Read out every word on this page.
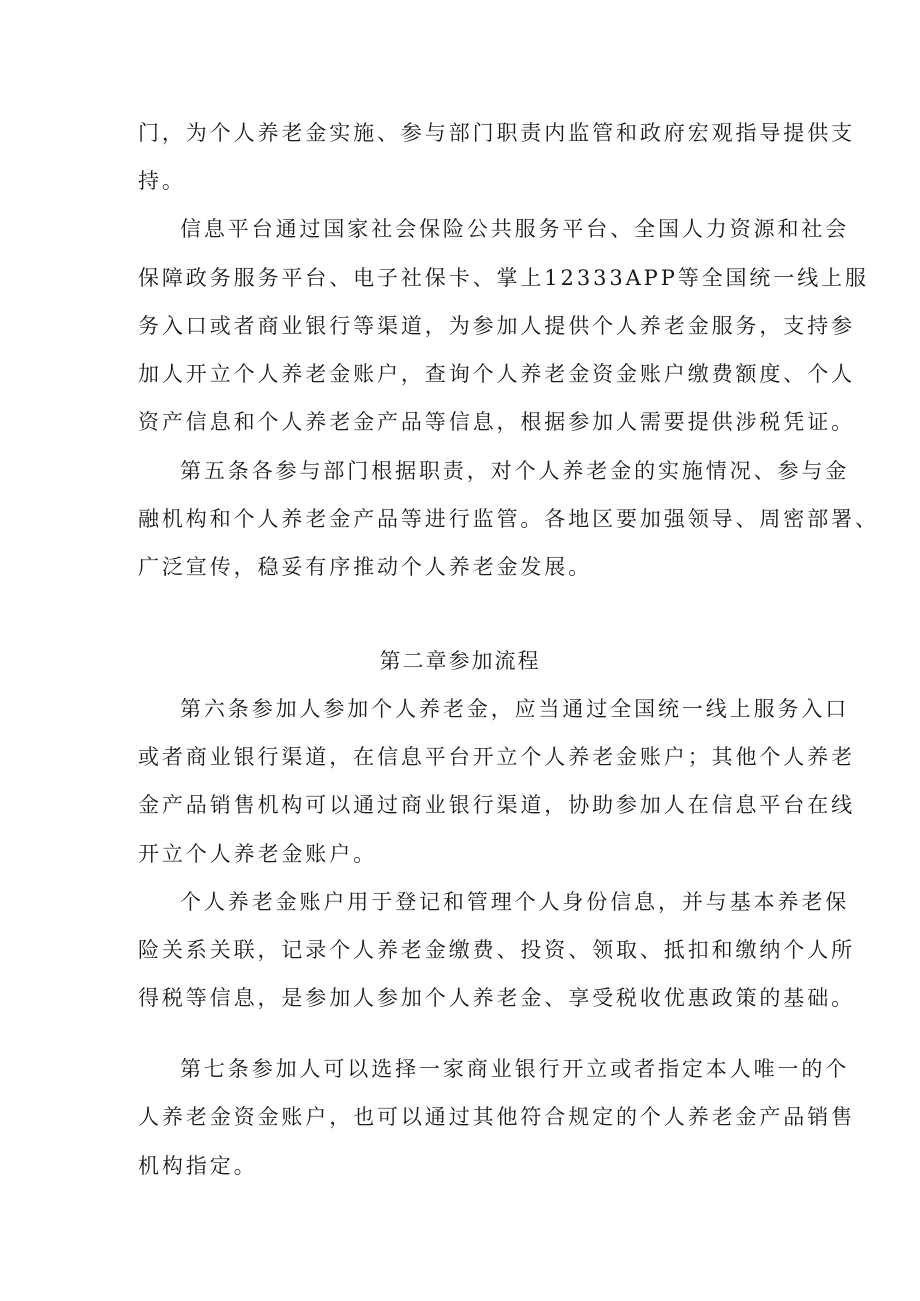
门，为个人养老金实施、参与部门职责内监管和政府宏观指导提供支
持。
信息平台通过国家社会保险公共服务平台、全国人力资源和社会
保障政务服务平台、电子社保卡、掌上12333APP等全国统一线上服
务入口或者商业银行等渠道，为参加人提供个人养老金服务，支持参
加人开立个人养老金账户，查询个人养老金资金账户缴费额度、个人
资产信息和个人养老金产品等信息，根据参加人需要提供涉税凭证。
第五条各参与部门根据职责，对个人养老金的实施情况、参与金
融机构和个人养老金产品等进行监管。各地区要加强领导、周密部署、
广泛宣传，稳妥有序推动个人养老金发展。
第二章参加流程
第六条参加人参加个人养老金，应当通过全国统一线上服务入口
或者商业银行渠道，在信息平台开立个人养老金账户；其他个人养老
金产品销售机构可以通过商业银行渠道，协助参加人在信息平台在线
开立个人养老金账户。
个人养老金账户用于登记和管理个人身份信息，并与基本养老保
险关系关联，记录个人养老金缴费、投资、领取、抵扣和缴纳个人所
得税等信息，是参加人参加个人养老金、享受税收优惠政策的基础。
第七条参加人可以选择一家商业银行开立或者指定本人唯一的个
人养老金资金账户，也可以通过其他符合规定的个人养老金产品销售
机构指定。
